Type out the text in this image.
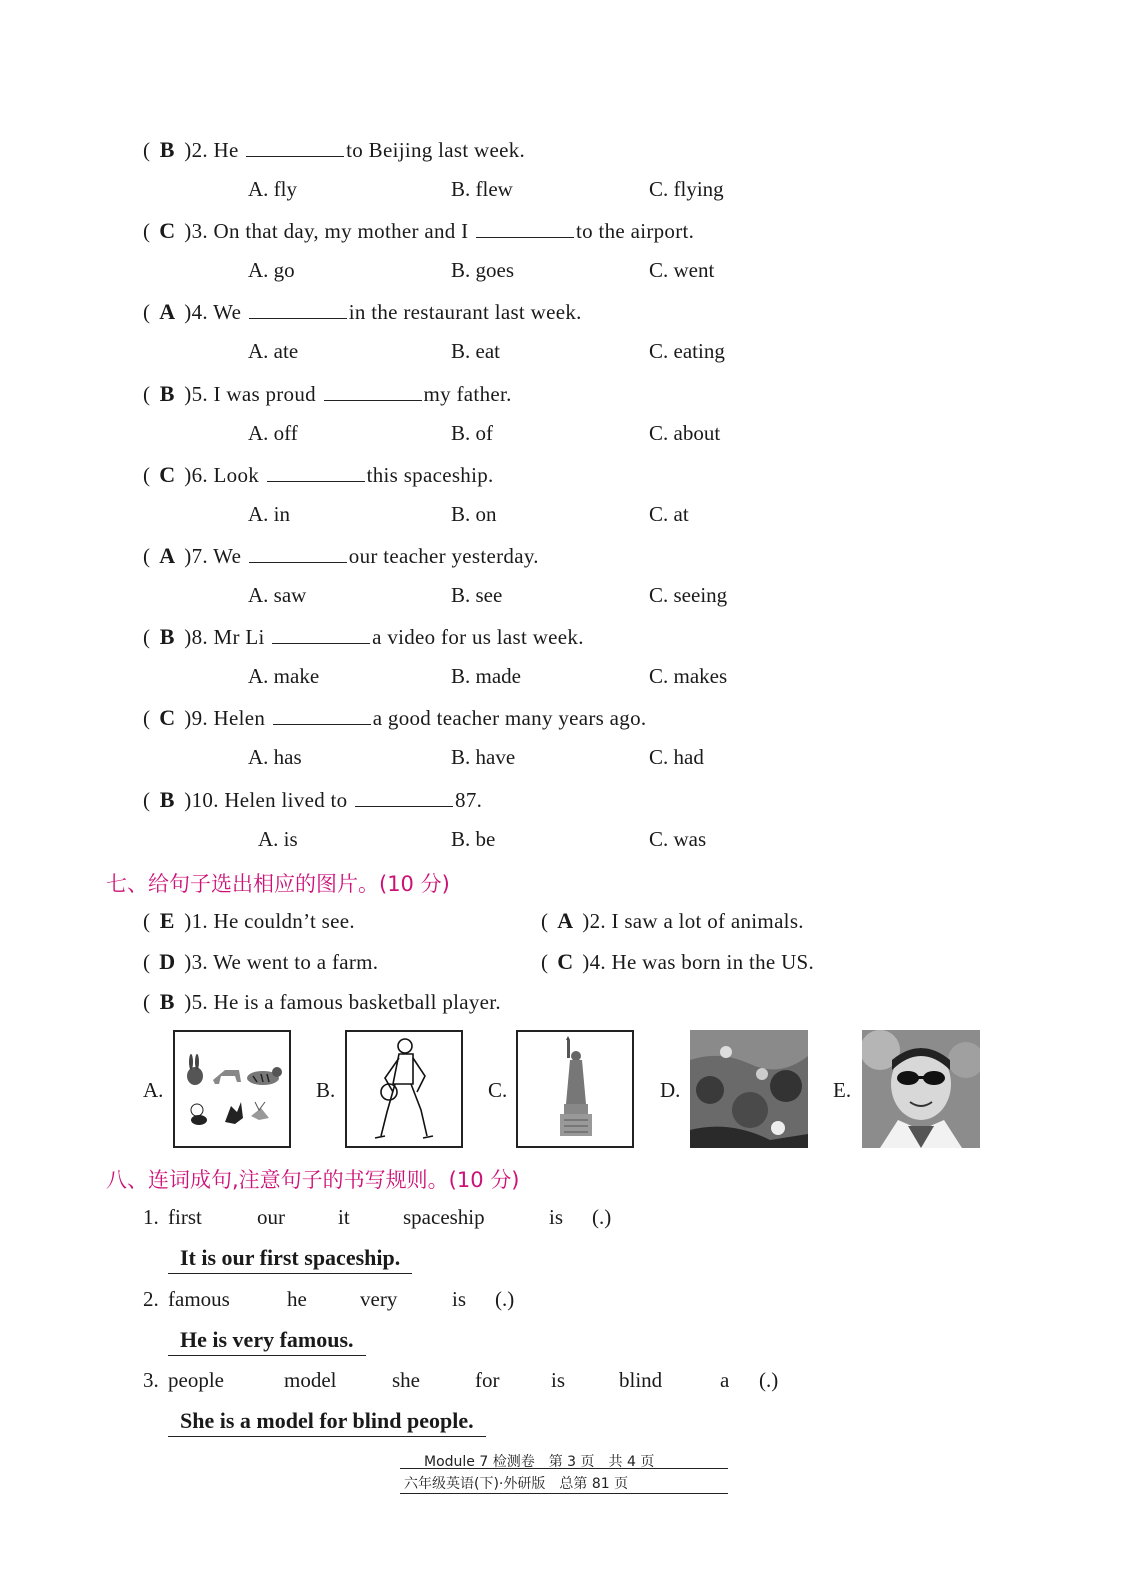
( B )2. He	to Beijing last week.
A. fly	B. flew	C. flying
( C )3. On that day, my mother and I	to the airport.
A. go	B. goes	C. went
( A )4. We	in the restaurant last week.
A. ate	B. eat	C. eating
( B )5. I was proud	my father.
A. off	B. of	C. about
( C )6. Look	this spaceship.
A. in	B. on	C. at
( A )7. We	our teacher yesterday.
A. saw	B. see	C. seeing
( B )8. Mr Li	a video for us last week.
A. make	B. made	C. makes
( C )9. Helen	a good teacher many years ago.
A. has	B. have	C. had
( B )10. Helen lived to	87.
A. is	B. be	C. was
七、给句子选出相应的图片。(10 分)
( E )1. He couldn’t see.	( A )2. I saw a lot of animals.
( D )3. We went to a farm.	( C )4. He was born in the US.
( B )5. He is a famous basketball player.
A.	B.	C.	D.	E.
八、连词成句,注意句子的书写规则。(10 分)
1. first	our	it	spaceship	is (.)
It is our first spaceship.
2. famous	he	very	is (.)
He is very famous.
3. people	model	she	for is	blind	a (.)
She is a model for blind people.
Module 7 检测卷　第 3 页　共 4 页
六年级英语(下)·外研版　总第 81 页
